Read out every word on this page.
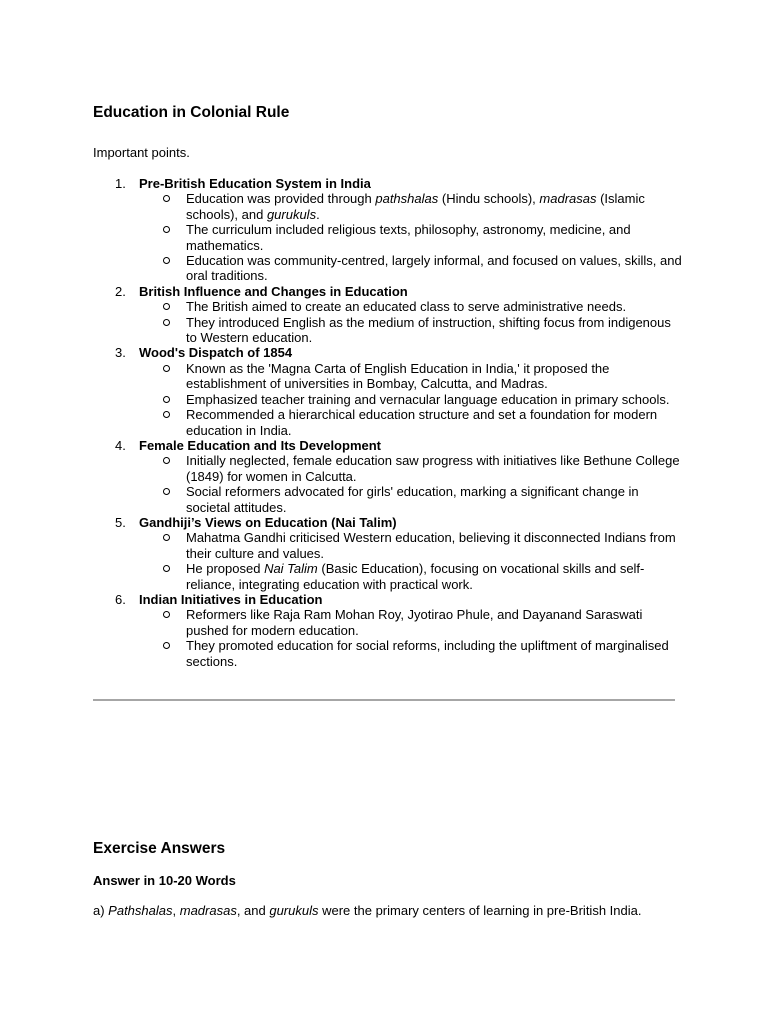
Education in Colonial Rule
Important points.
1. Pre-British Education System in India
Education was provided through pathshalas (Hindu schools), madrasas (Islamic schools), and gurukuls.
The curriculum included religious texts, philosophy, astronomy, medicine, and mathematics.
Education was community-centred, largely informal, and focused on values, skills, and oral traditions.
2. British Influence and Changes in Education
The British aimed to create an educated class to serve administrative needs.
They introduced English as the medium of instruction, shifting focus from indigenous to Western education.
3. Wood's Dispatch of 1854
Known as the 'Magna Carta of English Education in India,' it proposed the establishment of universities in Bombay, Calcutta, and Madras.
Emphasized teacher training and vernacular language education in primary schools.
Recommended a hierarchical education structure and set a foundation for modern education in India.
4. Female Education and Its Development
Initially neglected, female education saw progress with initiatives like Bethune College (1849) for women in Calcutta.
Social reformers advocated for girls' education, marking a significant change in societal attitudes.
5. Gandhiji’s Views on Education (Nai Talim)
Mahatma Gandhi criticised Western education, believing it disconnected Indians from their culture and values.
He proposed Nai Talim (Basic Education), focusing on vocational skills and self-reliance, integrating education with practical work.
6. Indian Initiatives in Education
Reformers like Raja Ram Mohan Roy, Jyotirao Phule, and Dayanand Saraswati pushed for modern education.
They promoted education for social reforms, including the upliftment of marginalised sections.
Exercise Answers
Answer in 10-20 Words
a) Pathshalas, madrasas, and gurukuls were the primary centers of learning in pre-British India.
